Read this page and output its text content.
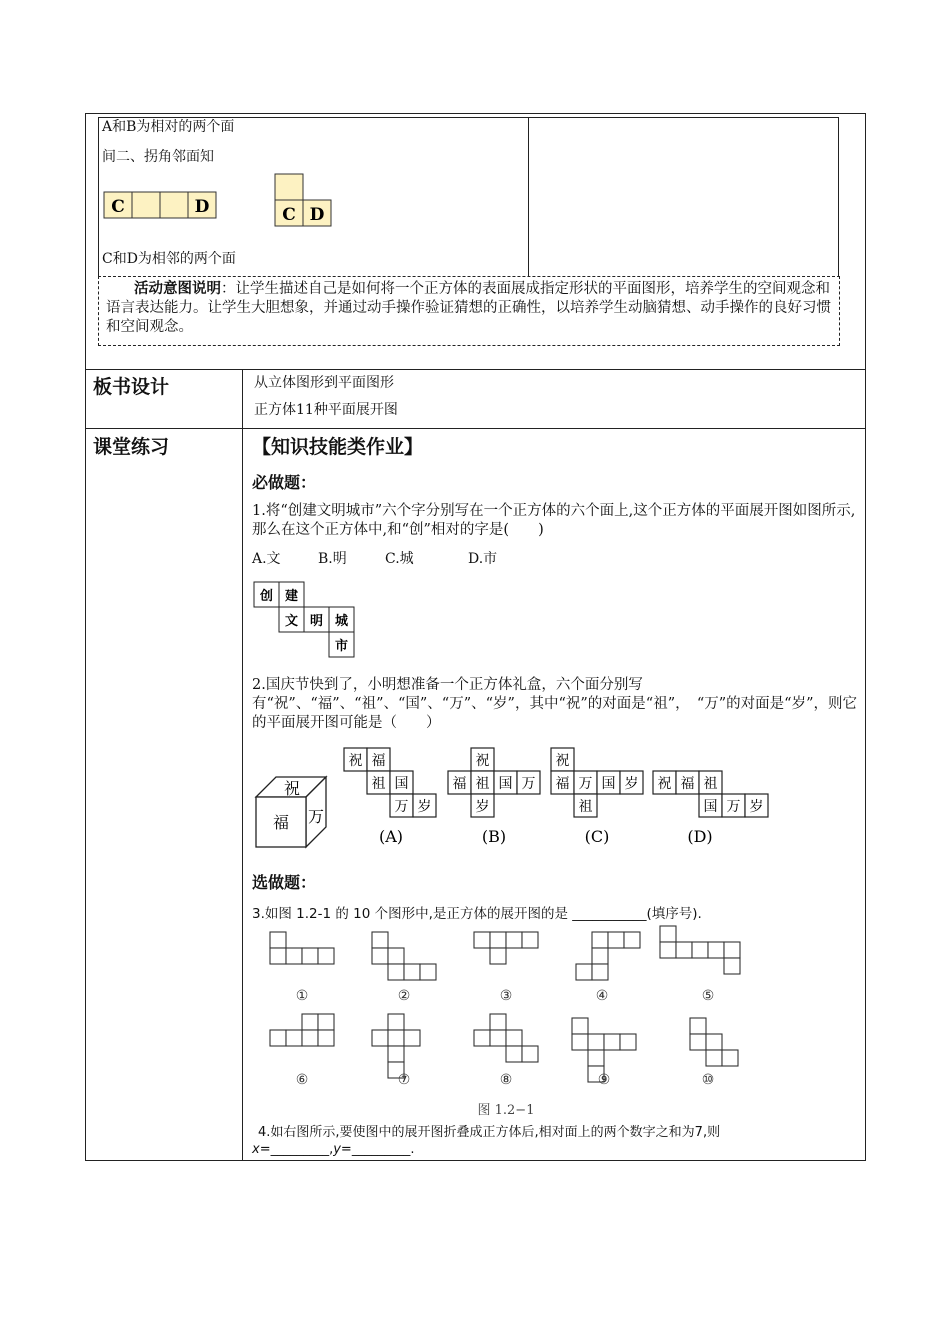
A和B为相对的两个面
间二、拐角邻面知
C	D	C D
C和D为相邻的两个面
活动意图说明：让学生描述自己是如何将一个正方体的表面展成指定形状的平面图形，培养学生的空间观念和语言表达能力。让学生大胆想象，并通过动手操作验证猜想的正确性，以培养学生动脑猜想、动手操作的良好习惯和空间观念。
板书设计	从立体图形到平面图形
正方体11种平面展开图
课堂练习	【知识技能类作业】
必做题：
1.将“创建文明城市”六个字分别写在一个正方体的六个面上,这个正方体的平面展开图如图所示,那么在这个正方体中,和“创”相对的字是(　　)
A.文	B.明	C.城	D.市
创 建
文 明 城
市
2.国庆节快到了，小明想准备一个正方体礼盒，六个面分别写有“祝”、“福”、“祖”、“国”、“万”、“岁”，其中“祝”的对面是“祖”，　“万”的对面是“岁”，则它的平面展开图可能是（　　）
祝
福 万
祝 福
祖 国
万 岁
祝
福 祖 国 万
岁
祝
福 万 国 岁
祖
祝 福 祖
国 万 岁
(A)	(B)	(C)	(D)
选做题：
3.如图 1.2-1 的 10 个图形中,是正方体的展开图的是 ___________(填序号).
①	②	③	④	⑤
⑥	⑦	⑧	⑨	⑩
图 1.2−1
4.如右图所示,要使图中的展开图折叠成正方体后,相对面上的两个数字之和为7,则
x=_________,y=_________.
